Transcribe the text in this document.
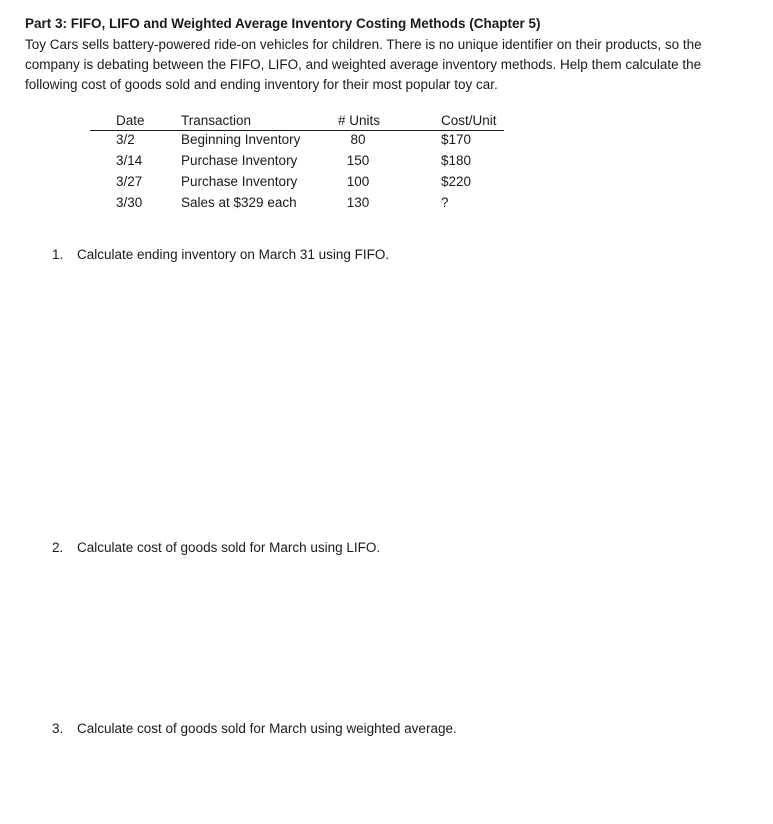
Part 3: FIFO, LIFO and Weighted Average Inventory Costing Methods (Chapter 5)
Toy Cars sells battery-powered ride-on vehicles for children. There is no unique identifier on their products, so the
company is debating between the FIFO, LIFO, and weighted average inventory methods. Help them calculate the
following cost of goods sold and ending inventory for their most popular toy car.
Date	Transaction	# Units	Cost/Unit
3/2	Beginning Inventory	80	$170
3/14	Purchase Inventory	150	$180
3/27	Purchase Inventory	100	$220
3/30	Sales at $329 each	130	?
1. Calculate ending inventory on March 31 using FIFO.
2. Calculate cost of goods sold for March using LIFO.
3. Calculate cost of goods sold for March using weighted average.
